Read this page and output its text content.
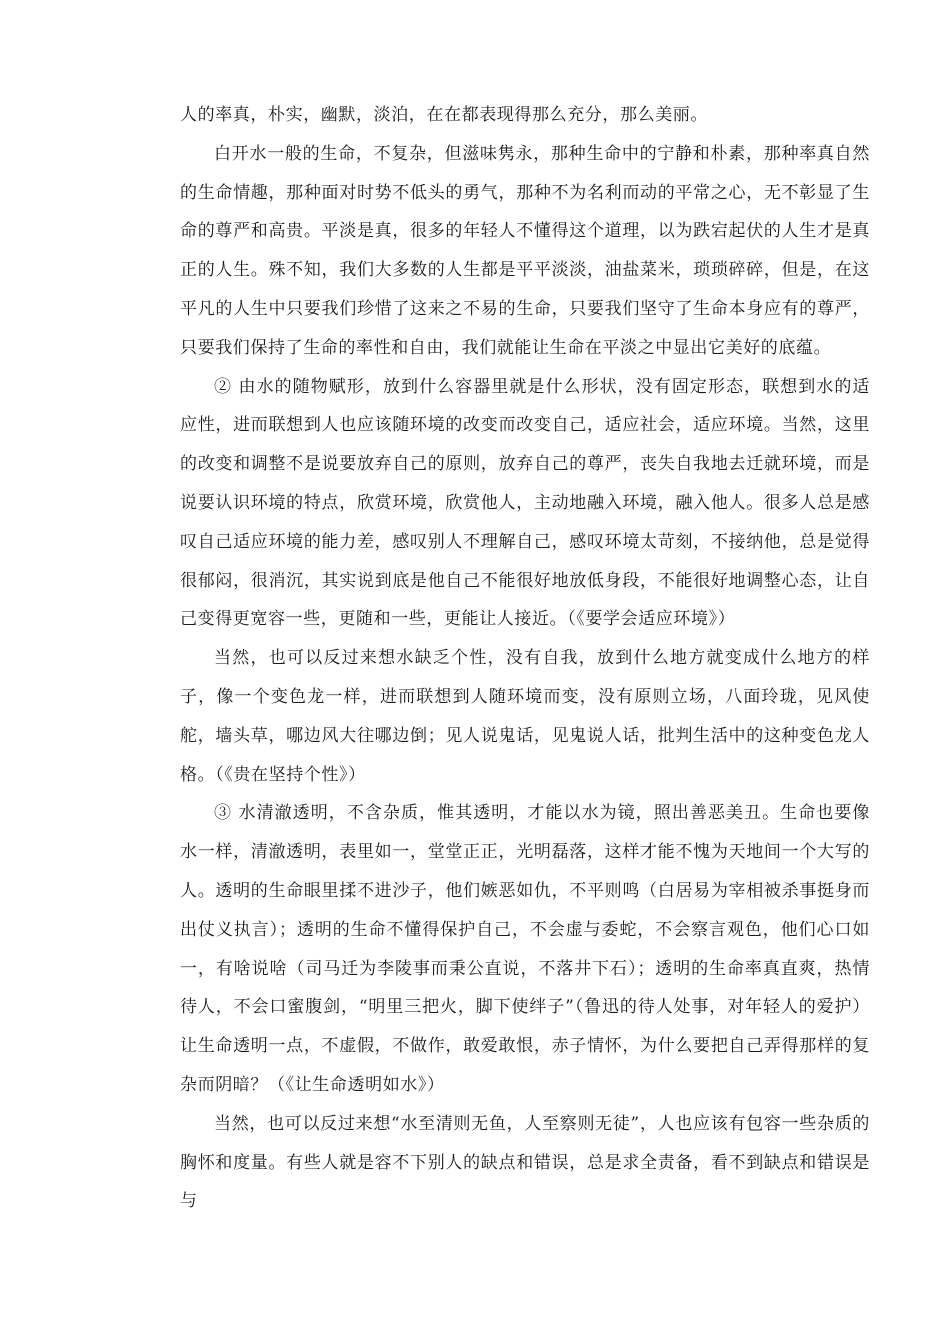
人的率真，朴实，幽默，淡泊，在在都表现得那么充分，那么美丽。

白开水一般的生命，不复杂，但滋味隽永，那种生命中的宁静和朴素，那种率真自然的生命情趣，那种面对时势不低头的勇气，那种不为名利而动的平常之心，无不彰显了生命的尊严和高贵。平淡是真，很多的年轻人不懂得这个道理，以为跌宕起伏的人生才是真正的人生。殊不知，我们大多数的人生都是平平淡淡，油盐菜米，琐琐碎碎，但是，在这平凡的人生中只要我们珍惜了这来之不易的生命，只要我们坚守了生命本身应有的尊严，只要我们保持了生命的率性和自由，我们就能让生命在平淡之中显出它美好的底蕴。

② 由水的随物赋形，放到什么容器里就是什么形状，没有固定形态，联想到水的适应性，进而联想到人也应该随环境的改变而改变自己，适应社会，适应环境。当然，这里的改变和调整不是说要放弃自己的原则，放弃自己的尊严，丧失自我地去迁就环境，而是说要认识环境的特点，欣赏环境，欣赏他人，主动地融入环境，融入他人。很多人总是感叹自己适应环境的能力差，感叹别人不理解自己，感叹环境太苛刻，不接纳他，总是觉得很郁闷，很消沉，其实说到底是他自己不能很好地放低身段，不能很好地调整心态，让自己变得更宽容一些，更随和一些，更能让人接近。（《要学会适应环境》）

当然，也可以反过来想水缺乏个性，没有自我，放到什么地方就变成什么地方的样子，像一个变色龙一样，进而联想到人随环境而变，没有原则立场，八面玲珑，见风使舵，墙头草，哪边风大往哪边倒；见人说鬼话，见鬼说人话，批判生活中的这种变色龙人格。（《贵在坚持个性》）

③ 水清澈透明，不含杂质，惟其透明，才能以水为镜，照出善恶美丑。生命也要像水一样，清澈透明，表里如一，堂堂正正，光明磊落，这样才能不愧为天地间一个大写的人。透明的生命眼里揉不进沙子，他们嫉恶如仇，不平则鸣（白居易为宰相被杀事挺身而出仗义执言）；透明的生命不懂得保护自己，不会虚与委蛇，不会察言观色，他们心口如一，有啥说啥（司马迁为李陵事而秉公直说，不落井下石）；透明的生命率真直爽，热情待人，不会口蜜腹剑，“明里三把火，脚下使绊子”（鲁迅的待人处事，对年轻人的爱护）让生命透明一点，不虚假，不做作，敢爱敢恨，赤子情怀，为什么要把自己弄得那样的复杂而阴暗？（《让生命透明如水》）

当然，也可以反过来想“水至清则无鱼，人至察则无徒”，人也应该有包容一些杂质的胸怀和度量。有些人就是容不下别人的缺点和错误，总是求全责备，看不到缺点和错误是与
